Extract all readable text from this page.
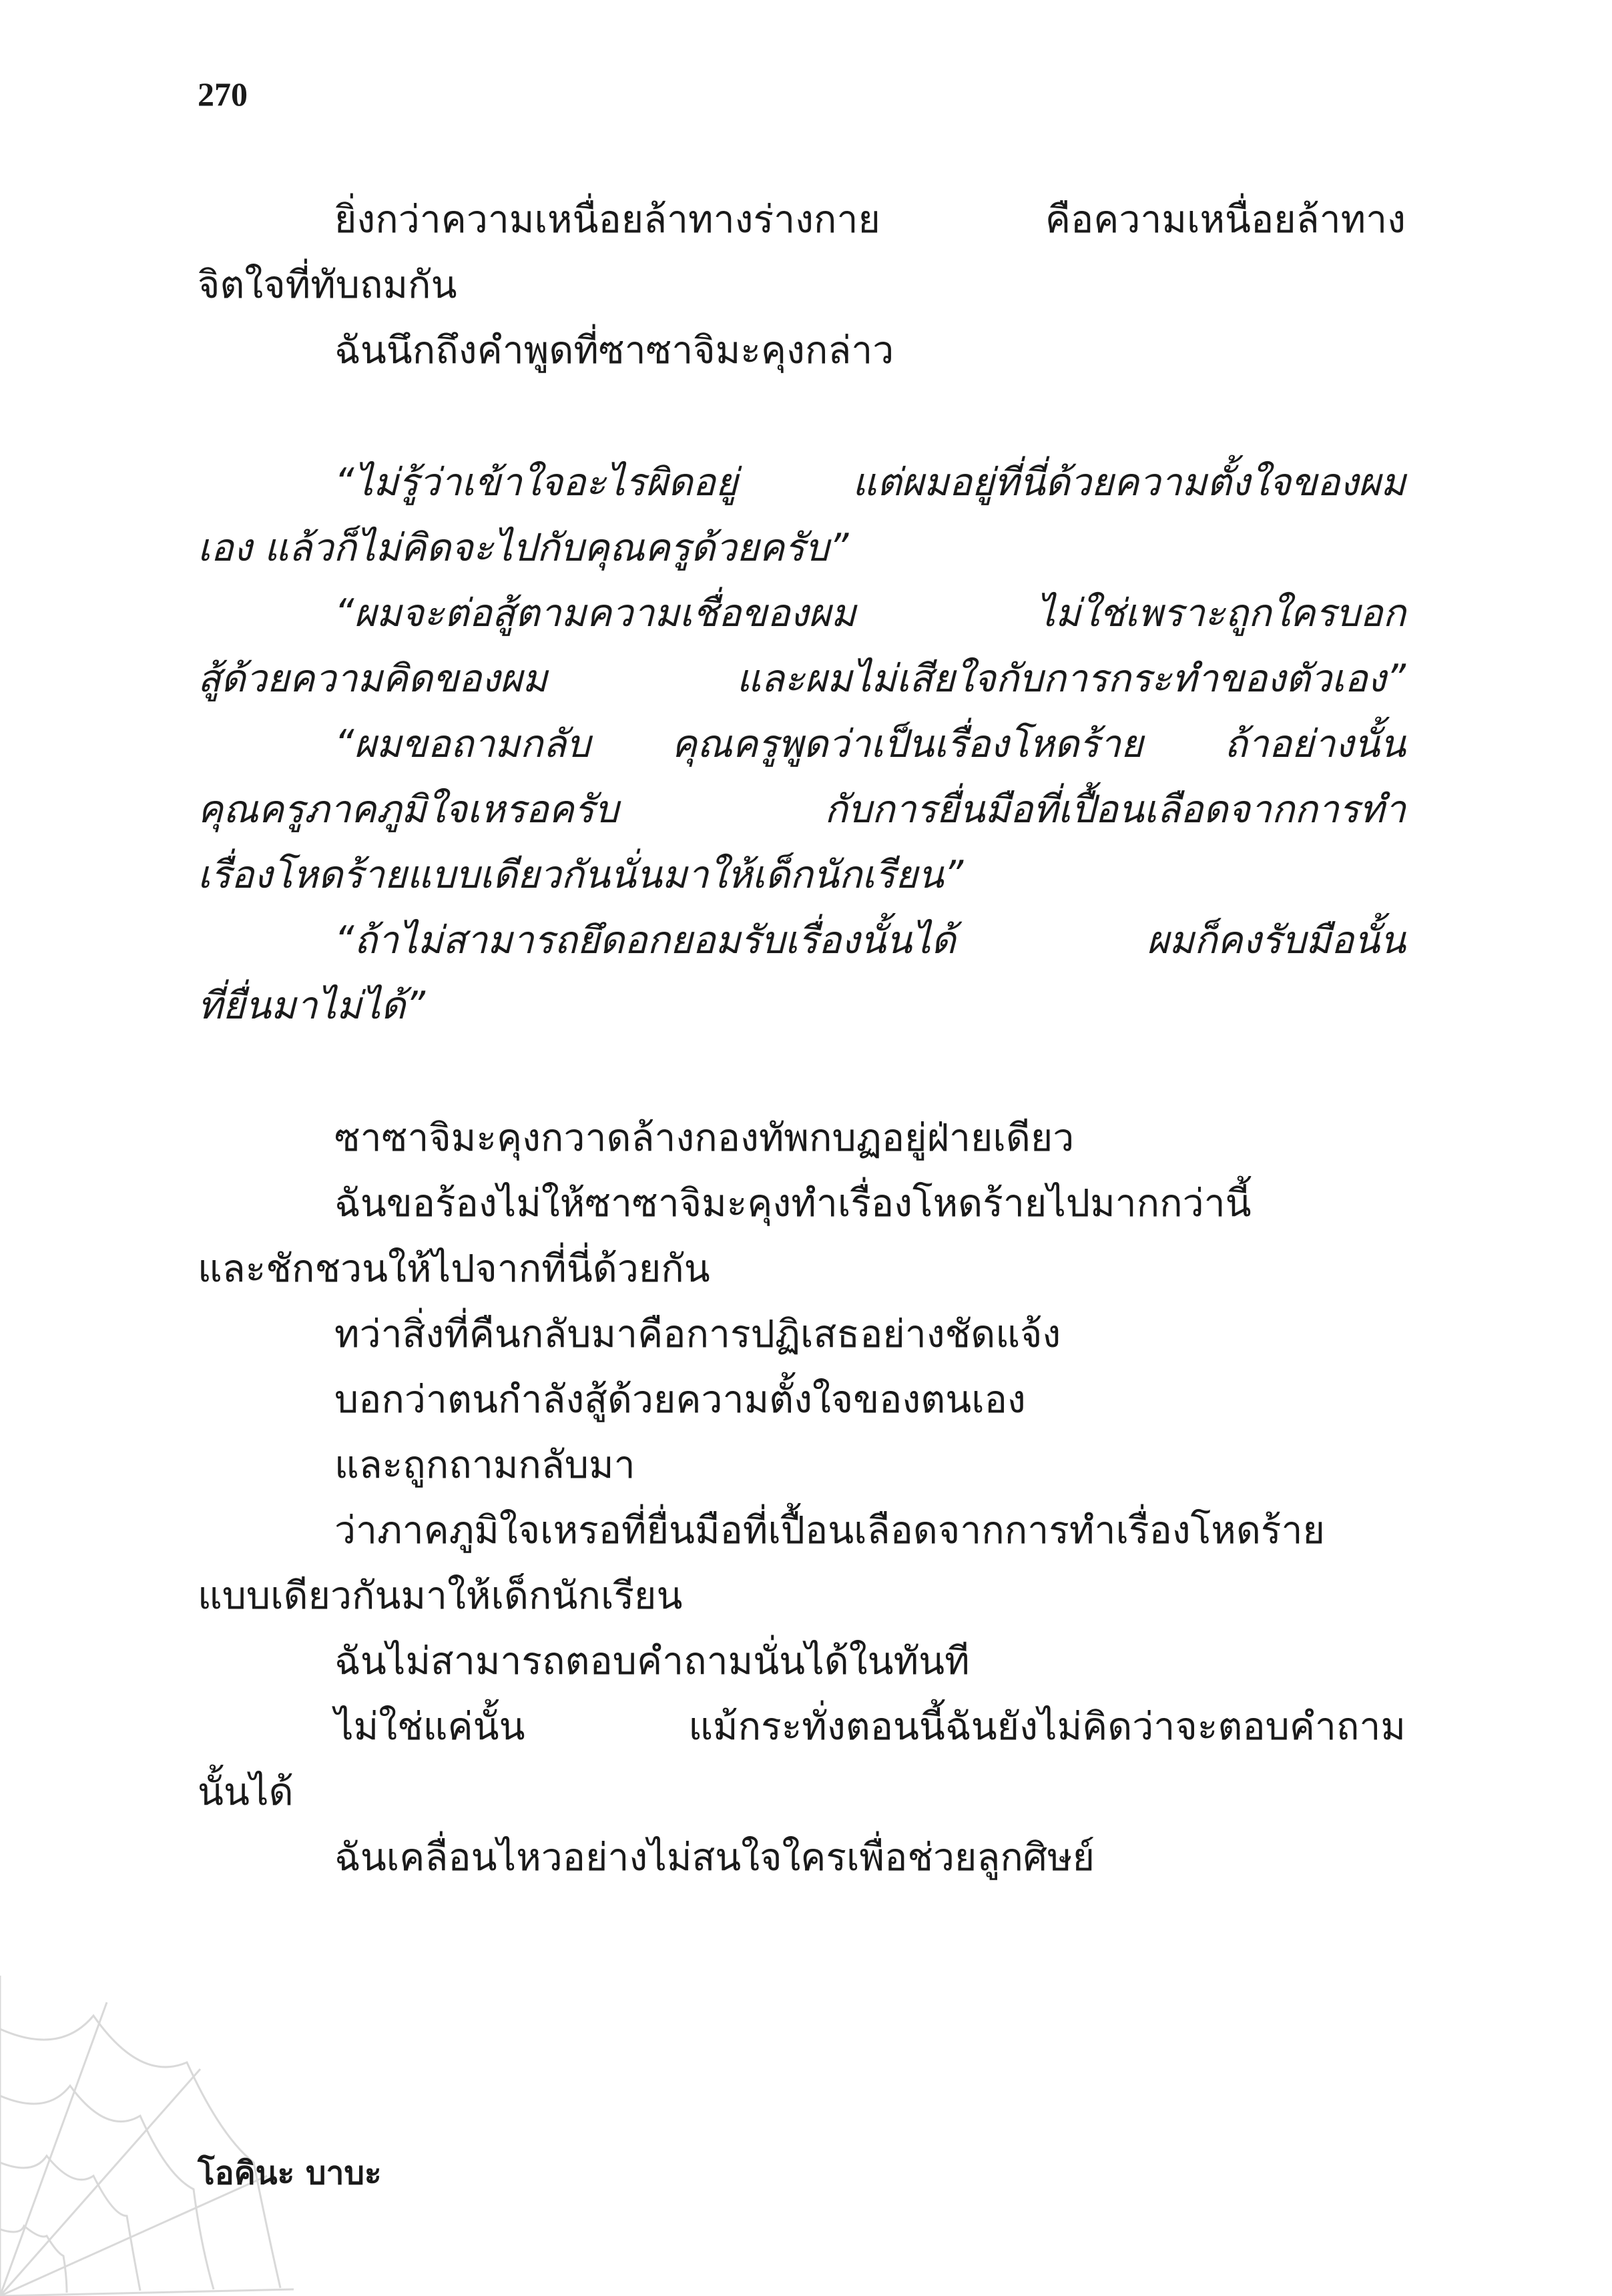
270
ยิ่งกว่าความเหนื่อยล้าทางร่างกาย คือความเหนื่อยล้าทาง
จิตใจที่ทับถมกัน
ฉันนึกถึงคำพูดที่ซาซาจิมะคุงกล่าว
“ไม่รู้ว่าเข้าใจอะไรผิดอยู่ แต่ผมอยู่ที่นี่ด้วยความตั้งใจของผม
เอง แล้วก็ไม่คิดจะไปกับคุณครูด้วยครับ”
“ผมจะต่อสู้ตามความเชื่อของผม ไม่ใช่เพราะถูกใครบอก
สู้ด้วยความคิดของผม และผมไม่เสียใจกับการกระทำของตัวเอง”
“ผมขอถามกลับ คุณครูพูดว่าเป็นเรื่องโหดร้าย ถ้าอย่างนั้น
คุณครูภาคภูมิใจเหรอครับ กับการยื่นมือที่เปื้อนเลือดจากการทำ
เรื่องโหดร้ายแบบเดียวกันนั่นมาให้เด็กนักเรียน”
“ถ้าไม่สามารถยึดอกยอมรับเรื่องนั้นได้ ผมก็คงรับมือนั้น
ที่ยื่นมาไม่ได้”
ซาซาจิมะคุงกวาดล้างกองทัพกบฏอยู่ฝ่ายเดียว
ฉันขอร้องไม่ให้ซาซาจิมะคุงทำเรื่องโหดร้ายไปมากกว่านี้
และชักชวนให้ไปจากที่นี่ด้วยกัน
ทว่าสิ่งที่คืนกลับมาคือการปฏิเสธอย่างชัดแจ้ง
บอกว่าตนกำลังสู้ด้วยความตั้งใจของตนเอง
และถูกถามกลับมา
ว่าภาคภูมิใจเหรอที่ยื่นมือที่เปื้อนเลือดจากการทำเรื่องโหดร้าย
แบบเดียวกันมาให้เด็กนักเรียน
ฉันไม่สามารถตอบคำถามนั่นได้ในทันที
ไม่ใช่แค่นั้น แม้กระทั่งตอนนี้ฉันยังไม่คิดว่าจะตอบคำถาม
นั้นได้
ฉันเคลื่อนไหวอย่างไม่สนใจใครเพื่อช่วยลูกศิษย์
โอคินะ บาบะ
